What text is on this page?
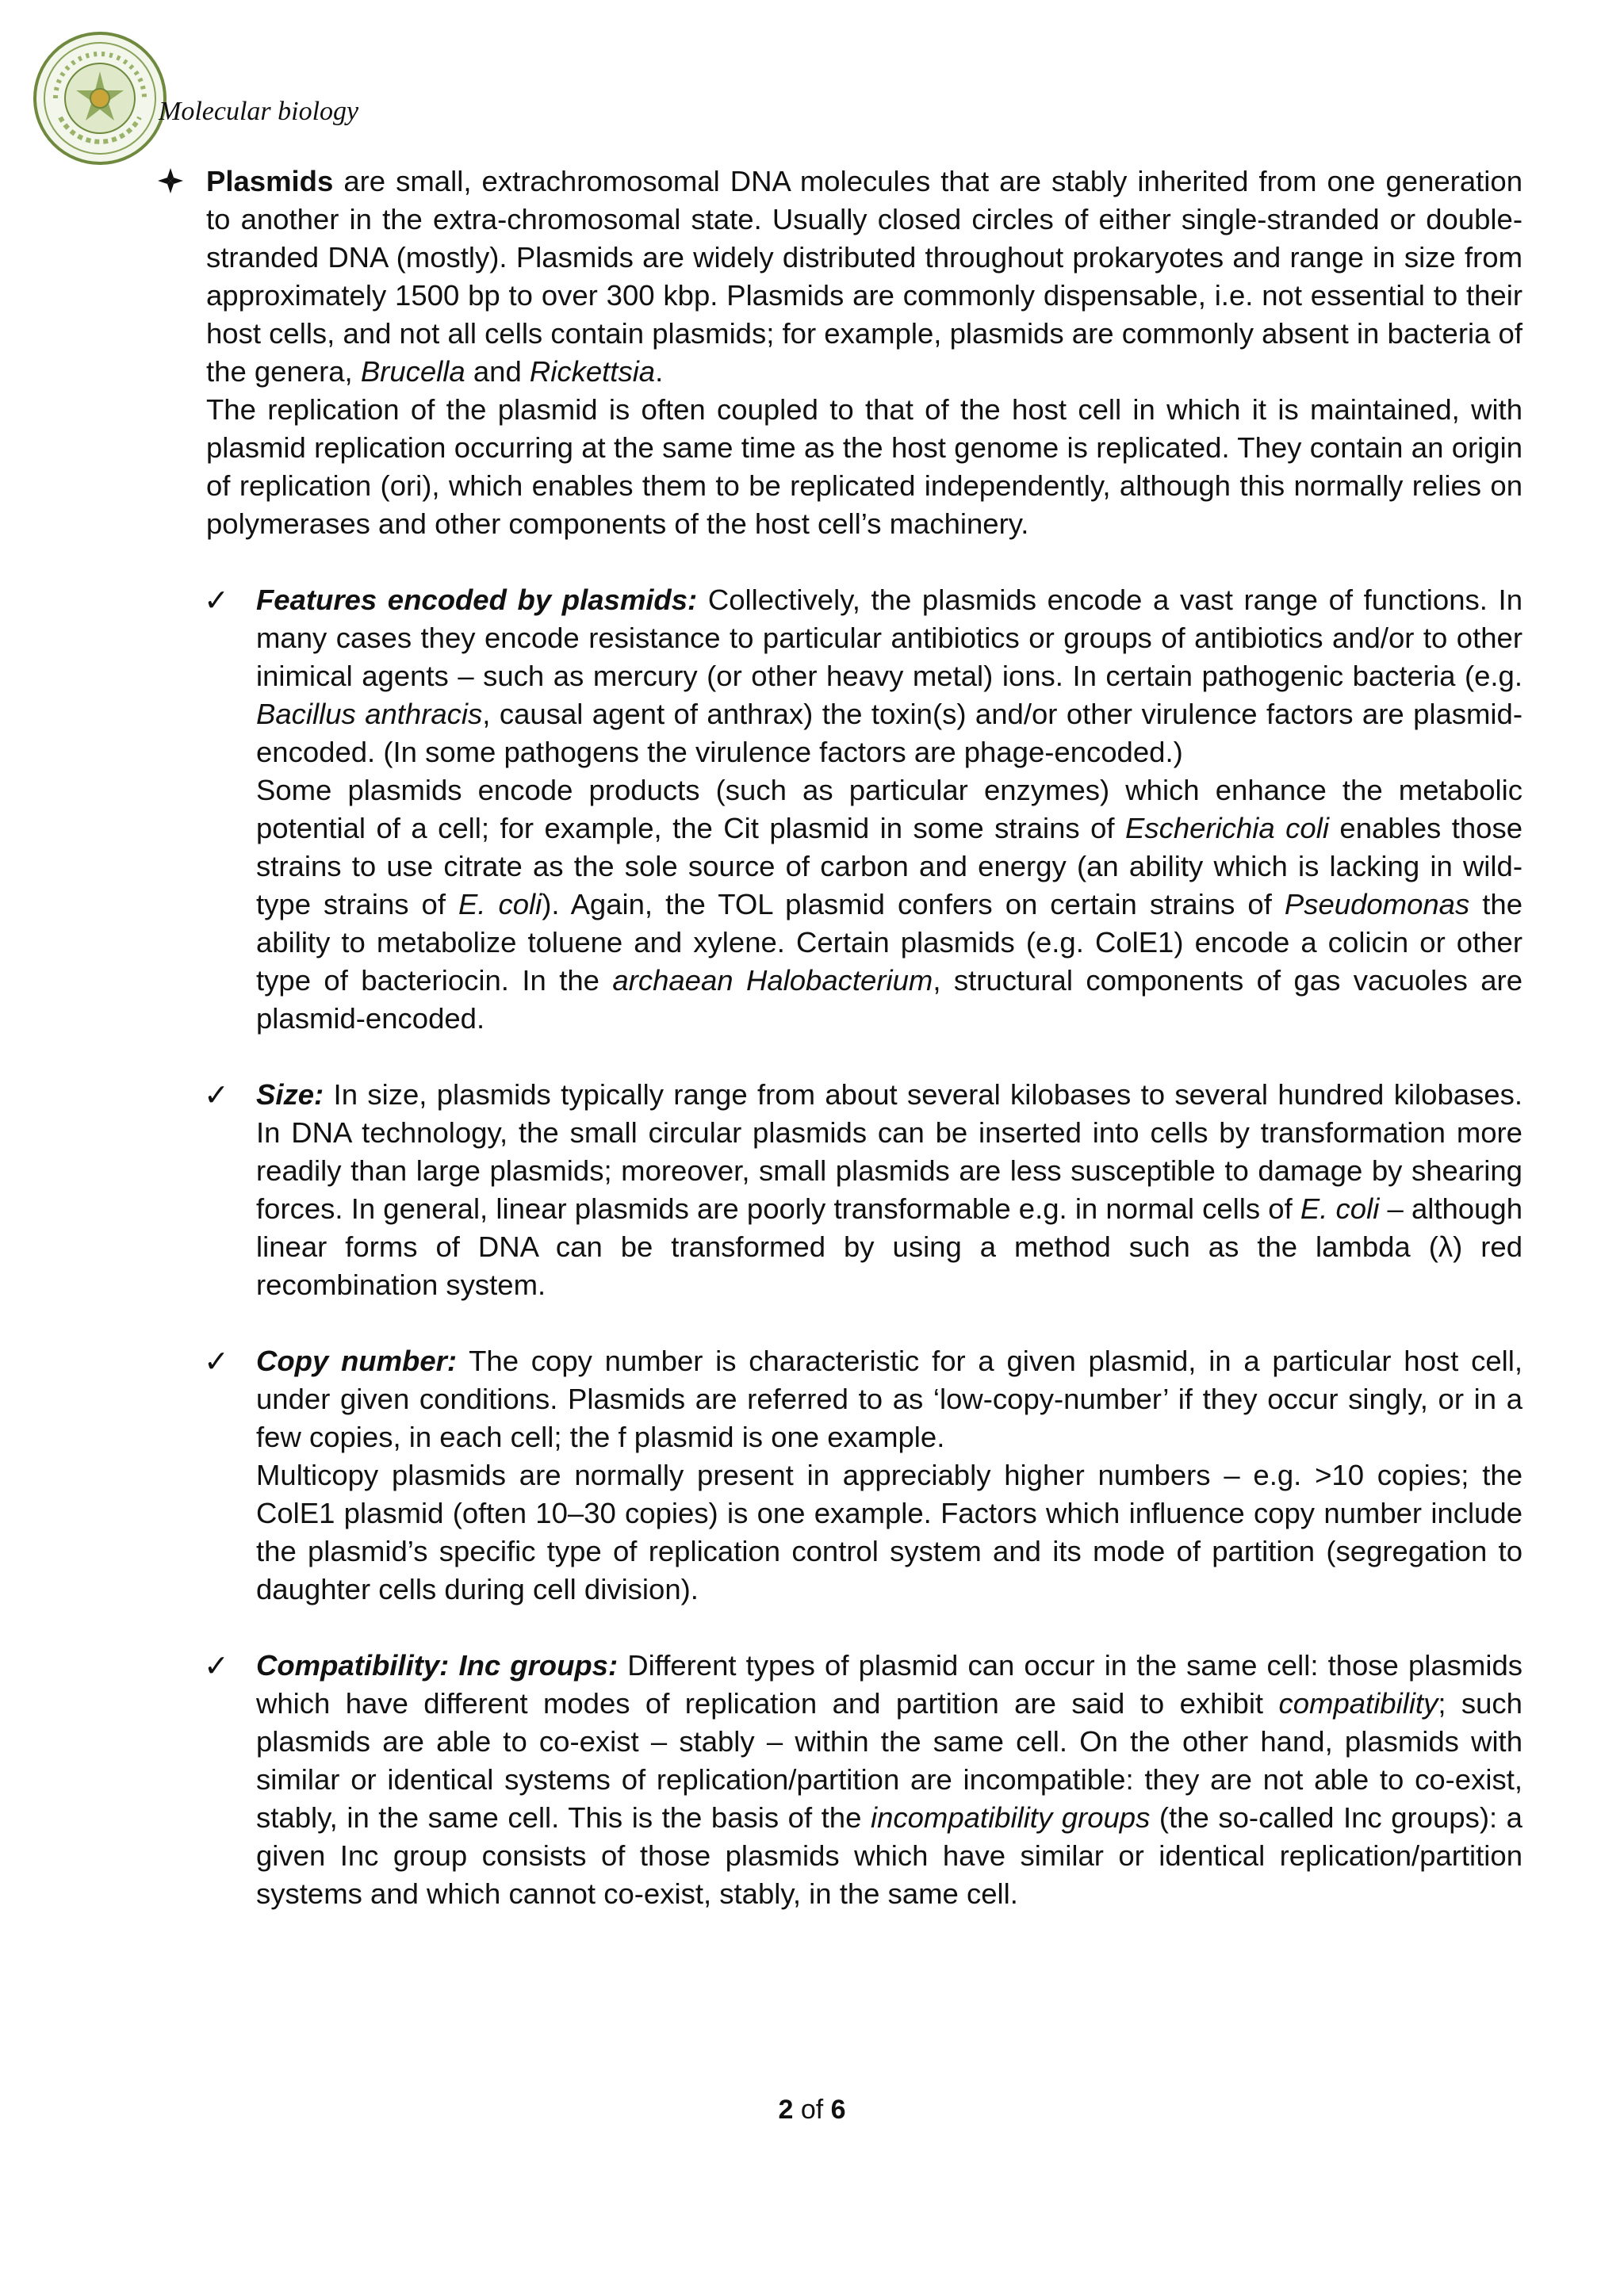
Molecular biology

Plasmids are small, extrachromosomal DNA molecules that are stably inherited from one generation to another in the extra-chromosomal state. Usually closed circles of either single-stranded or double-stranded DNA (mostly). Plasmids are widely distributed throughout prokaryotes and range in size from approximately 1500 bp to over 300 kbp. Plasmids are commonly dispensable, i.e. not essential to their host cells, and not all cells contain plasmids; for example, plasmids are commonly absent in bacteria of the genera, Brucella and Rickettsia.

The replication of the plasmid is often coupled to that of the host cell in which it is maintained, with plasmid replication occurring at the same time as the host genome is replicated. They contain an origin of replication (ori), which enables them to be replicated independently, although this normally relies on polymerases and other components of the host cell’s machinery.

✓ Features encoded by plasmids: Collectively, the plasmids encode a vast range of functions. In many cases they encode resistance to particular antibiotics or groups of antibiotics and/or to other inimical agents – such as mercury (or other heavy metal) ions. In certain pathogenic bacteria (e.g. Bacillus anthracis, causal agent of anthrax) the toxin(s) and/or other virulence factors are plasmid-encoded. (In some pathogens the virulence factors are phage-encoded.)

Some plasmids encode products (such as particular enzymes) which enhance the metabolic potential of a cell; for example, the Cit plasmid in some strains of Escherichia coli enables those strains to use citrate as the sole source of carbon and energy (an ability which is lacking in wild-type strains of E. coli). Again, the TOL plasmid confers on certain strains of Pseudomonas the ability to metabolize toluene and xylene. Certain plasmids (e.g. ColE1) encode a colicin or other type of bacteriocin. In the archaean Halobacterium, structural components of gas vacuoles are plasmid-encoded.

✓ Size: In size, plasmids typically range from about several kilobases to several hundred kilobases. In DNA technology, the small circular plasmids can be inserted into cells by transformation more readily than large plasmids; moreover, small plasmids are less susceptible to damage by shearing forces. In general, linear plasmids are poorly transformable e.g. in normal cells of E. coli – although linear forms of DNA can be transformed by using a method such as the lambda (λ) red recombination system.

✓ Copy number: The copy number is characteristic for a given plasmid, in a particular host cell, under given conditions. Plasmids are referred to as ‘low-copy-number’ if they occur singly, or in a few copies, in each cell; the f plasmid is one example.

Multicopy plasmids are normally present in appreciably higher numbers – e.g. >10 copies; the ColE1 plasmid (often 10–30 copies) is one example. Factors which influence copy number include the plasmid’s specific type of replication control system and its mode of partition (segregation to daughter cells during cell division).

✓ Compatibility: Inc groups: Different types of plasmid can occur in the same cell: those plasmids which have different modes of replication and partition are said to exhibit compatibility; such plasmids are able to co-exist – stably – within the same cell. On the other hand, plasmids with similar or identical systems of replication/partition are incompatible: they are not able to co-exist, stably, in the same cell. This is the basis of the incompatibility groups (the so-called Inc groups): a given Inc group consists of those plasmids which have similar or identical replication/partition systems and which cannot co-exist, stably, in the same cell.

2 of 6
